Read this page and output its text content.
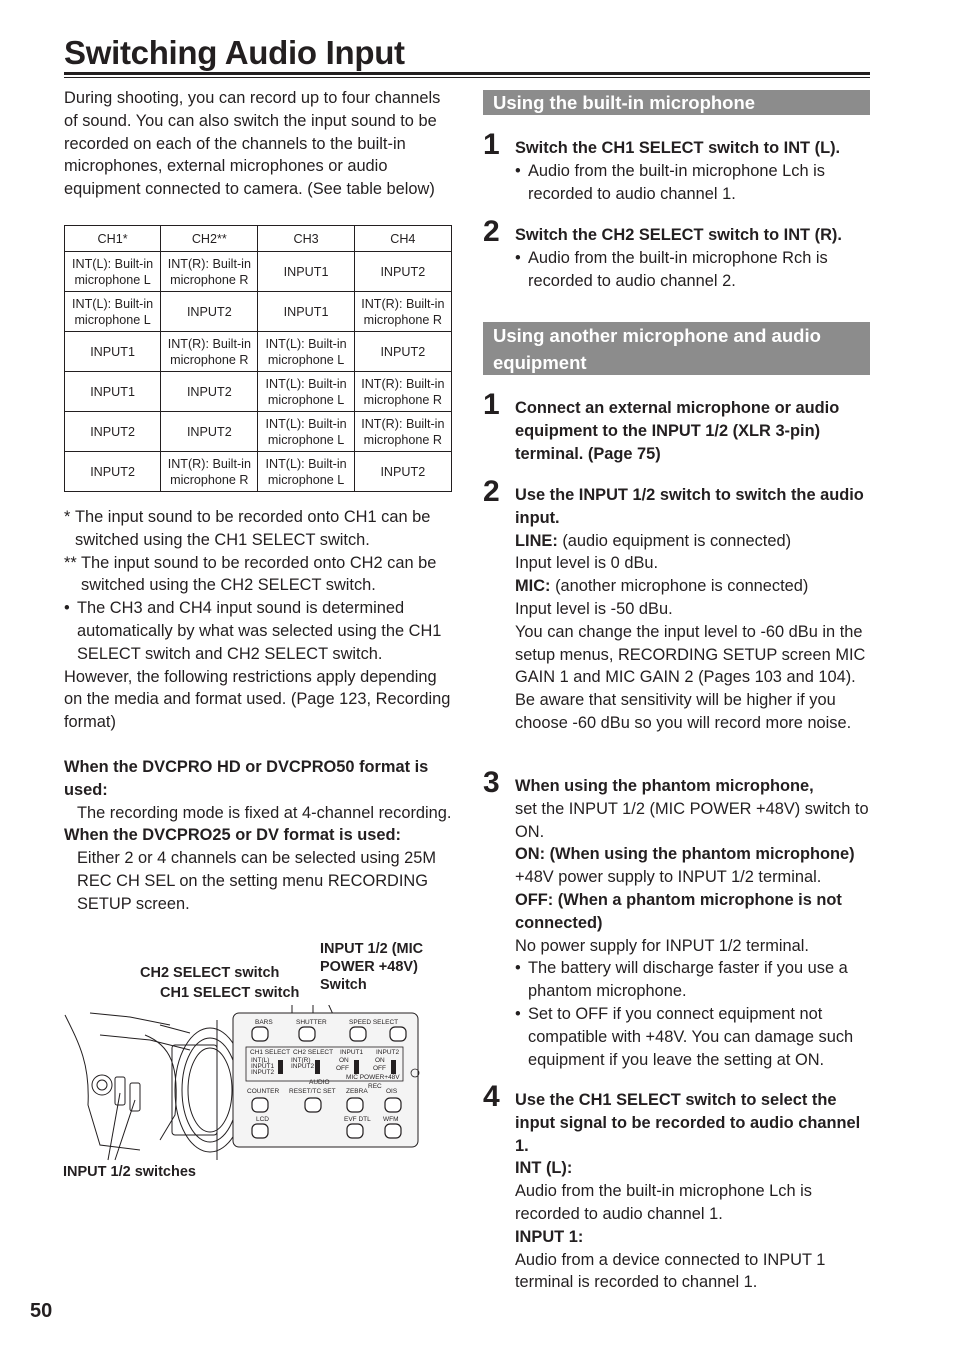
Switching Audio Input

During shooting, you can record up to four channels of sound. You can also switch the input sound to be recorded on each of the channels to the built-in microphones, external microphones or audio equipment connected to camera. (See table below)

CH1*	CH2**	CH3	CH4
INT(L): Built-in microphone L	INT(R): Built-in microphone R	INPUT1	INPUT2
INT(L): Built-in microphone L	INPUT2	INPUT1	INT(R): Built-in microphone R
INPUT1	INT(R): Built-in microphone R	INT(L): Built-in microphone L	INPUT2
INPUT1	INPUT2	INT(L): Built-in microphone L	INT(R): Built-in microphone R
INPUT2	INPUT2	INT(L): Built-in microphone L	INT(R): Built-in microphone R
INPUT2	INT(R): Built-in microphone R	INT(L): Built-in microphone L	INPUT2
* The input sound to be recorded onto CH1 can be switched using the CH1 SELECT switch.
** The input sound to be recorded onto CH2 can be switched using the CH2 SELECT switch.
• The CH3 and CH4 input sound is determined automatically by what was selected using the CH1 SELECT switch and CH2 SELECT switch.

However, the following restrictions apply depending on the media and format used. (Page 123, Recording format)

When the DVCPRO HD or DVCPRO50 format is used:

The recording mode is fixed at 4-channel recording.

When the DVCPRO25 or DV format is used:

Either 2 or 4 channels can be selected using 25M REC CH SEL on the setting menu RECORDING SETUP screen.

CH2 SELECT switch
CH1 SELECT switch
INPUT 1/2 (MIC
POWER +48V)
Switch
INPUT 1/2 switches
BARS	SHUTTER	SPEED SELECT
CH1 SELECT CH2 SELECT INPUT1 INPUT2
INT(L)
INPUT1
INPUT2
INT(R)
INPUT2
ON
OFF
ON
OFF
MIC POWER+48V
AUDIO
REC
COUNTER RESET/TC SET ZEBRA	OIS
LCD	EVF DTL WFM
Using the built-in microphone
1 Switch the CH1 SELECT switch to INT (L).

• Audio from the built-in microphone Lch is recorded to audio channel 1.
2 Switch the CH2 SELECT switch to INT (R).

• Audio from the built-in microphone Rch is recorded to audio channel 2.
Using another microphone and audio equipment
1 Connect an external microphone or audio equipment to the INPUT 1/2 (XLR 3-pin) terminal. (Page 75)

2 Use the INPUT 1/2 switch to switch the audio input.

LINE: (audio equipment is connected)

Input level is 0 dBu.

MIC: (another microphone is connected)

Input level is -50 dBu.

You can change the input level to -60 dBu in the setup menus, RECORDING SETUP screen MIC GAIN 1 and MIC GAIN 2 (Pages 103 and 104). Be aware that sensitivity will be higher if you choose -60 dBu so you will record more noise.

3 When using the phantom microphone,

set the INPUT 1/2 (MIC POWER +48V) switch to ON.

ON: (When using the phantom microphone)

+48V power supply to INPUT 1/2 terminal.

OFF: (When a phantom microphone is not connected)

No power supply for INPUT 1/2 terminal.

• The battery will discharge faster if you use a phantom microphone.
• Set to OFF if you connect equipment not compatible with +48V. You can damage such equipment if you leave the setting at ON.
4 Use the CH1 SELECT switch to select the input signal to be recorded to audio channel 1.

INT (L):

Audio from the built-in microphone Lch is recorded to audio channel 1.

INPUT 1:

Audio from a device connected to INPUT 1 terminal is recorded to channel 1.

50
